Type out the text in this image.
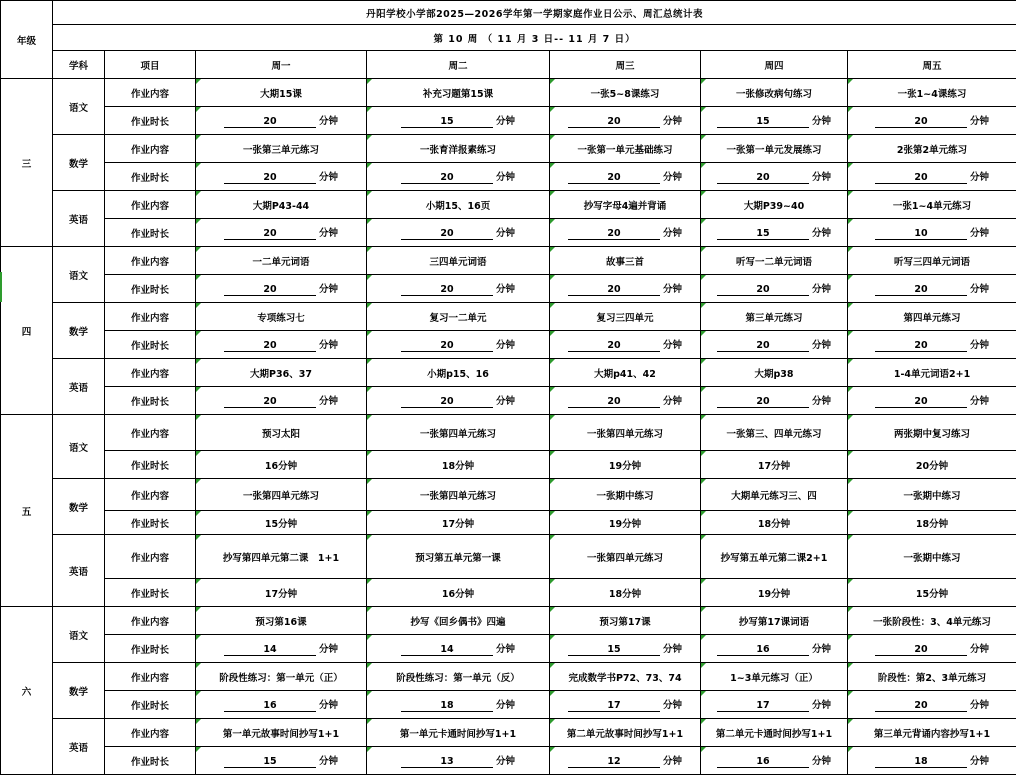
年级	丹阳学校小学部2025—2026学年第一学期家庭作业日公示、周汇总统计表						
	第 10 周 （ 11 月 3 日-- 11 月 7 日）						
	学科	项目	周一	周二	周三	周四	周五
三	语文	作业内容	大期15课	补充习题第15课	一张5~8课练习	一张修改病句练习	一张1~4课练习
		作业时长	20 分钟	15 分钟	20 分钟	15 分钟	20 分钟
	数学	作业内容	一张第三单元练习	一张育洋报素练习	一张第一单元基础练习	一张第一单元发展练习	2张第2单元练习
		作业时长	20 分钟	20 分钟	20 分钟	20 分钟	20 分钟
	英语	作业内容	大期P43-44	小期15、16页	抄写字母4遍并背诵	大期P39~40	一张1~4单元练习
		作业时长	20 分钟	20 分钟	20 分钟	15 分钟	10 分钟
四	语文	作业内容	一二单元词语	三四单元词语	故事三首	听写一二单元词语	听写三四单元词语
		作业时长	20 分钟	20 分钟	20 分钟	20 分钟	20 分钟
	数学	作业内容	专项练习七	复习一二单元	复习三四单元	第三单元练习	第四单元练习
		作业时长	20 分钟	20 分钟	20 分钟	20 分钟	20 分钟
	英语	作业内容	大期P36、37	小期p15、16	大期p41、42	大期p38	1-4单元词语2+1
		作业时长	20 分钟	20 分钟	20 分钟	20 分钟	20 分钟
五	语文	作业内容	预习太阳	一张第四单元练习	一张第四单元练习	一张第三、四单元练习	两张期中复习练习
		作业时长	16分钟	18分钟	19分钟	17分钟	20分钟
	数学	作业内容	一张第四单元练习	一张第四单元练习	一张期中练习	大期单元练习三、四	一张期中练习
		作业时长	15分钟	17分钟	19分钟	18分钟	18分钟
	英语	作业内容	抄写第四单元第二课　1+1	预习第五单元第一课	一张第四单元练习	抄写第五单元第二课2+1	一张期中练习
		作业时长	17分钟	16分钟	18分钟	19分钟	15分钟
六	语文	作业内容	预习第16课	抄写《回乡偶书》四遍	预习第17课	抄写第17课词语	一张阶段性：3、4单元练习
		作业时长	14 分钟	14 分钟	15 分钟	16 分钟	20 分钟
	数学	作业内容	阶段性练习：第一单元（正）	阶段性练习：第一单元（反）	完成数学书P72、73、74	1~3单元练习（正）	阶段性：第2、3单元练习
		作业时长	16 分钟	18 分钟	17 分钟	17 分钟	20 分钟
	英语	作业内容	第一单元故事时间抄写1+1	第一单元卡通时间抄写1+1	第二单元故事时间抄写1+1	第二单元卡通时间抄写1+1	第三单元背诵内容抄写1+1
		作业时长	15 分钟	13 分钟	12 分钟	16 分钟	18 分钟
